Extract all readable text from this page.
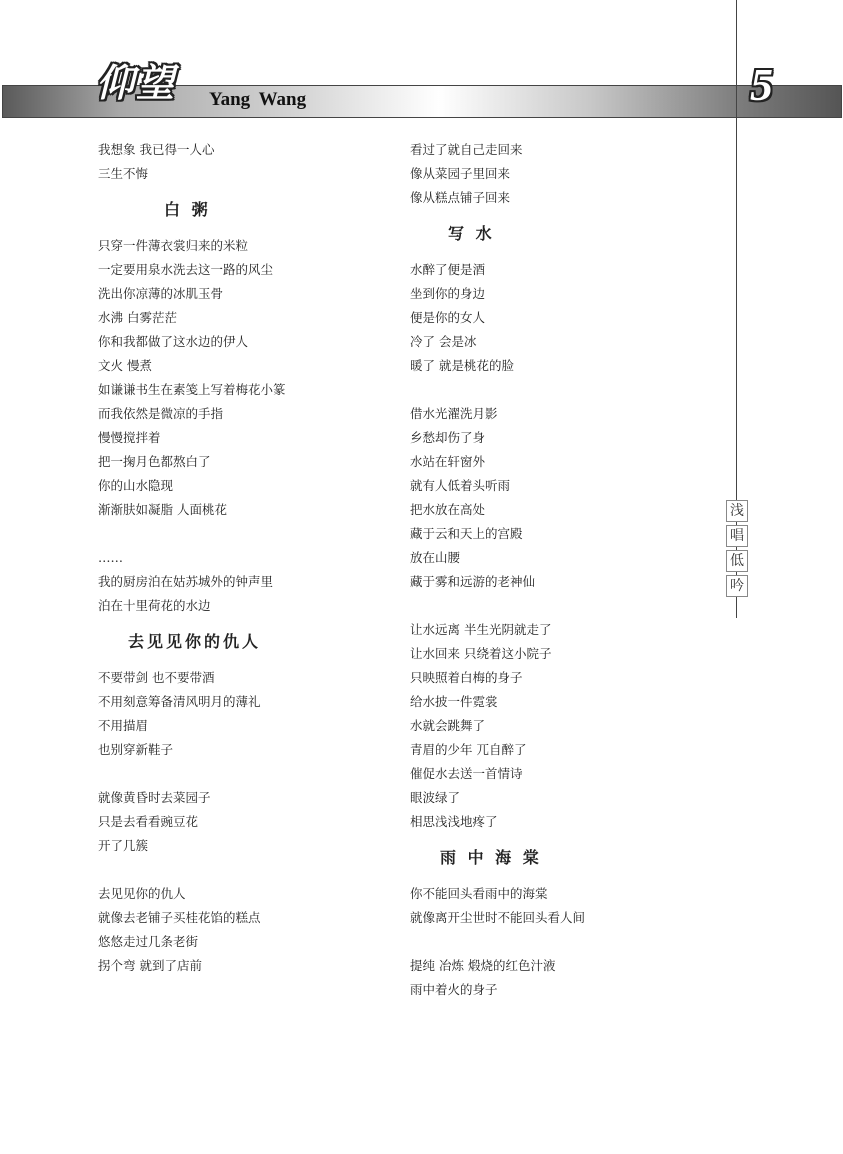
仰望 Yang Wang	5
浅
唱
低
吟
我想象 我已得一人心
三生不悔
白 粥
只穿一件薄衣裳归来的米粒
一定要用泉水洗去这一路的风尘
洗出你凉薄的冰肌玉骨
水沸 白雾茫茫
你和我都做了这水边的伊人
文火 慢煮
如谦谦书生在素笺上写着梅花小篆
而我依然是微凉的手指
慢慢搅拌着
把一掬月色都熬白了
你的山水隐现
渐渐肤如凝脂 人面桃花
……
我的厨房泊在姑苏城外的钟声里
泊在十里荷花的水边
去见见你的仇人
不要带剑 也不要带酒
不用刻意筹备清风明月的薄礼
不用描眉
也别穿新鞋子
就像黄昏时去菜园子
只是去看看豌豆花
开了几簇
去见见你的仇人
就像去老铺子买桂花馅的糕点
悠悠走过几条老街
拐个弯 就到了店前
看过了就自己走回来
像从菜园子里回来
像从糕点铺子回来
写 水
水醉了便是酒
坐到你的身边
便是你的女人
冷了 会是冰
暖了 就是桃花的脸
借水光濯洗月影
乡愁却伤了身
水站在轩窗外
就有人低着头听雨
把水放在高处
藏于云和天上的宫殿
放在山腰
藏于雾和远游的老神仙
让水远离 半生光阴就走了
让水回来 只绕着这小院子
只映照着白梅的身子
给水披一件霓裳
水就会跳舞了
青眉的少年 兀自醉了
催促水去送一首情诗
眼波绿了
相思浅浅地疼了
雨 中 海 棠
你不能回头看雨中的海棠
就像离开尘世时不能回头看人间
提纯 冶炼 煅烧的红色汁液
雨中着火的身子
